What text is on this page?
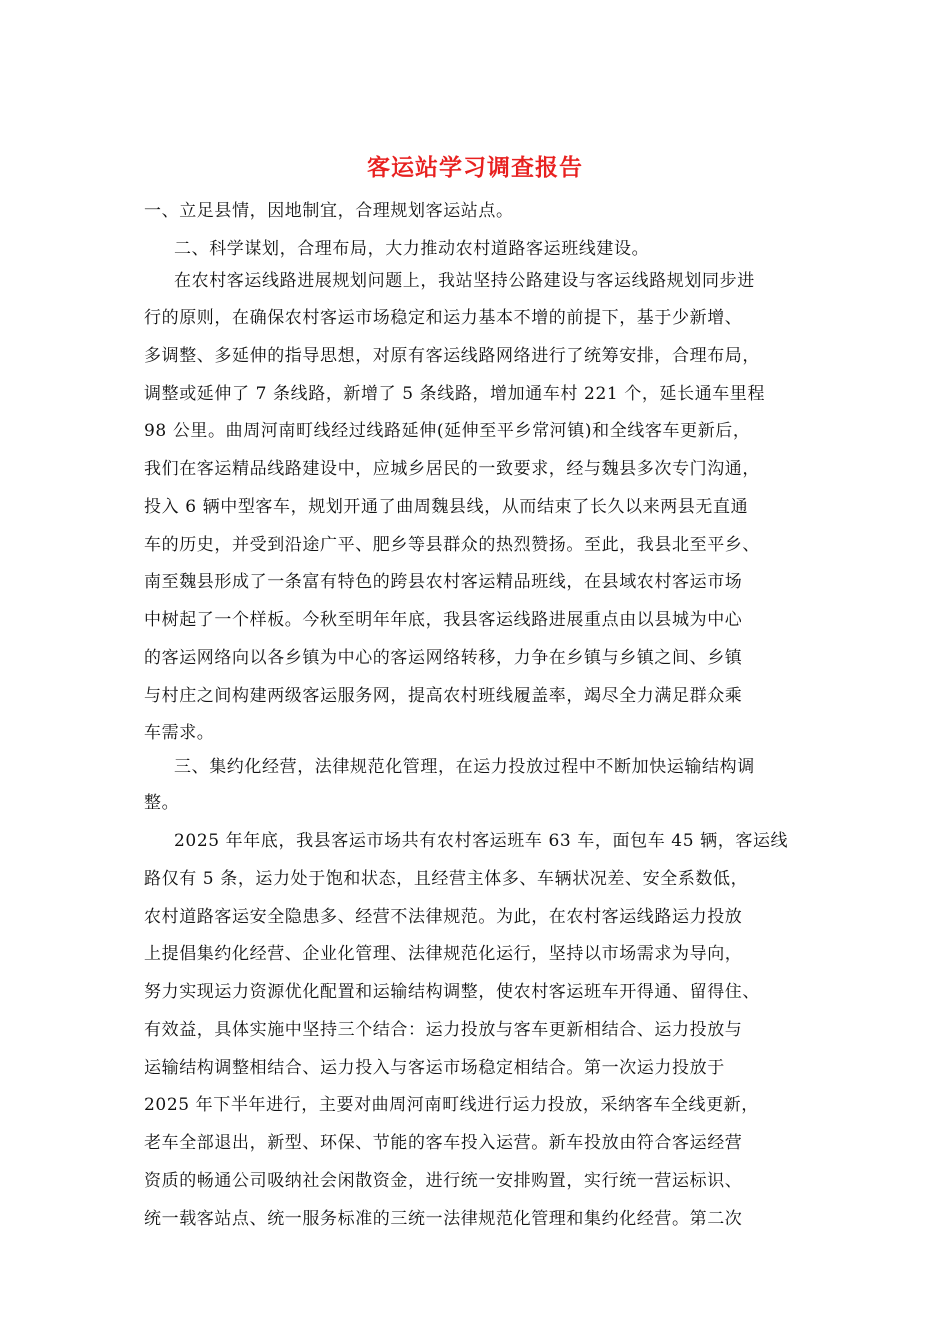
客运站学习调查报告
一、立足县情，因地制宜，合理规划客运站点。
二、科学谋划，合理布局，大力推动农村道路客运班线建设。
在农村客运线路进展规划问题上，我站坚持公路建设与客运线路规划同步进
行的原则，在确保农村客运市场稳定和运力基本不增的前提下，基于少新增、
多调整、多延伸的指导思想，对原有客运线路网络进行了统筹安排，合理布局，
调整或延伸了 7 条线路，新增了 5 条线路，增加通车村 221 个，延长通车里程
98 公里。曲周河南町线经过线路延伸(延伸至平乡常河镇)和全线客车更新后，
我们在客运精品线路建设中，应城乡居民的一致要求，经与魏县多次专门沟通，
投入 6 辆中型客车，规划开通了曲周魏县线，从而结束了长久以来两县无直通
车的历史，并受到沿途广平、肥乡等县群众的热烈赞扬。至此，我县北至平乡、
南至魏县形成了一条富有特色的跨县农村客运精品班线，在县域农村客运市场
中树起了一个样板。今秋至明年年底，我县客运线路进展重点由以县城为中心
的客运网络向以各乡镇为中心的客运网络转移，力争在乡镇与乡镇之间、乡镇
与村庄之间构建两级客运服务网，提高农村班线履盖率，竭尽全力满足群众乘
车需求。
三、集约化经营，法律规范化管理，在运力投放过程中不断加快运输结构调
整。
2025 年年底，我县客运市场共有农村客运班车 63 车，面包车 45 辆，客运线
路仅有 5 条，运力处于饱和状态，且经营主体多、车辆状况差、安全系数低，
农村道路客运安全隐患多、经营不法律规范。为此，在农村客运线路运力投放
上提倡集约化经营、企业化管理、法律规范化运行，坚持以市场需求为导向，
努力实现运力资源优化配置和运输结构调整，使农村客运班车开得通、留得住、
有效益，具体实施中坚持三个结合：运力投放与客车更新相结合、运力投放与
运输结构调整相结合、运力投入与客运市场稳定相结合。第一次运力投放于
2025 年下半年进行，主要对曲周河南町线进行运力投放，采纳客车全线更新，
老车全部退出，新型、环保、节能的客车投入运营。新车投放由符合客运经营
资质的畅通公司吸纳社会闲散资金，进行统一安排购置，实行统一营运标识、
统一载客站点、统一服务标准的三统一法律规范化管理和集约化经营。第二次
